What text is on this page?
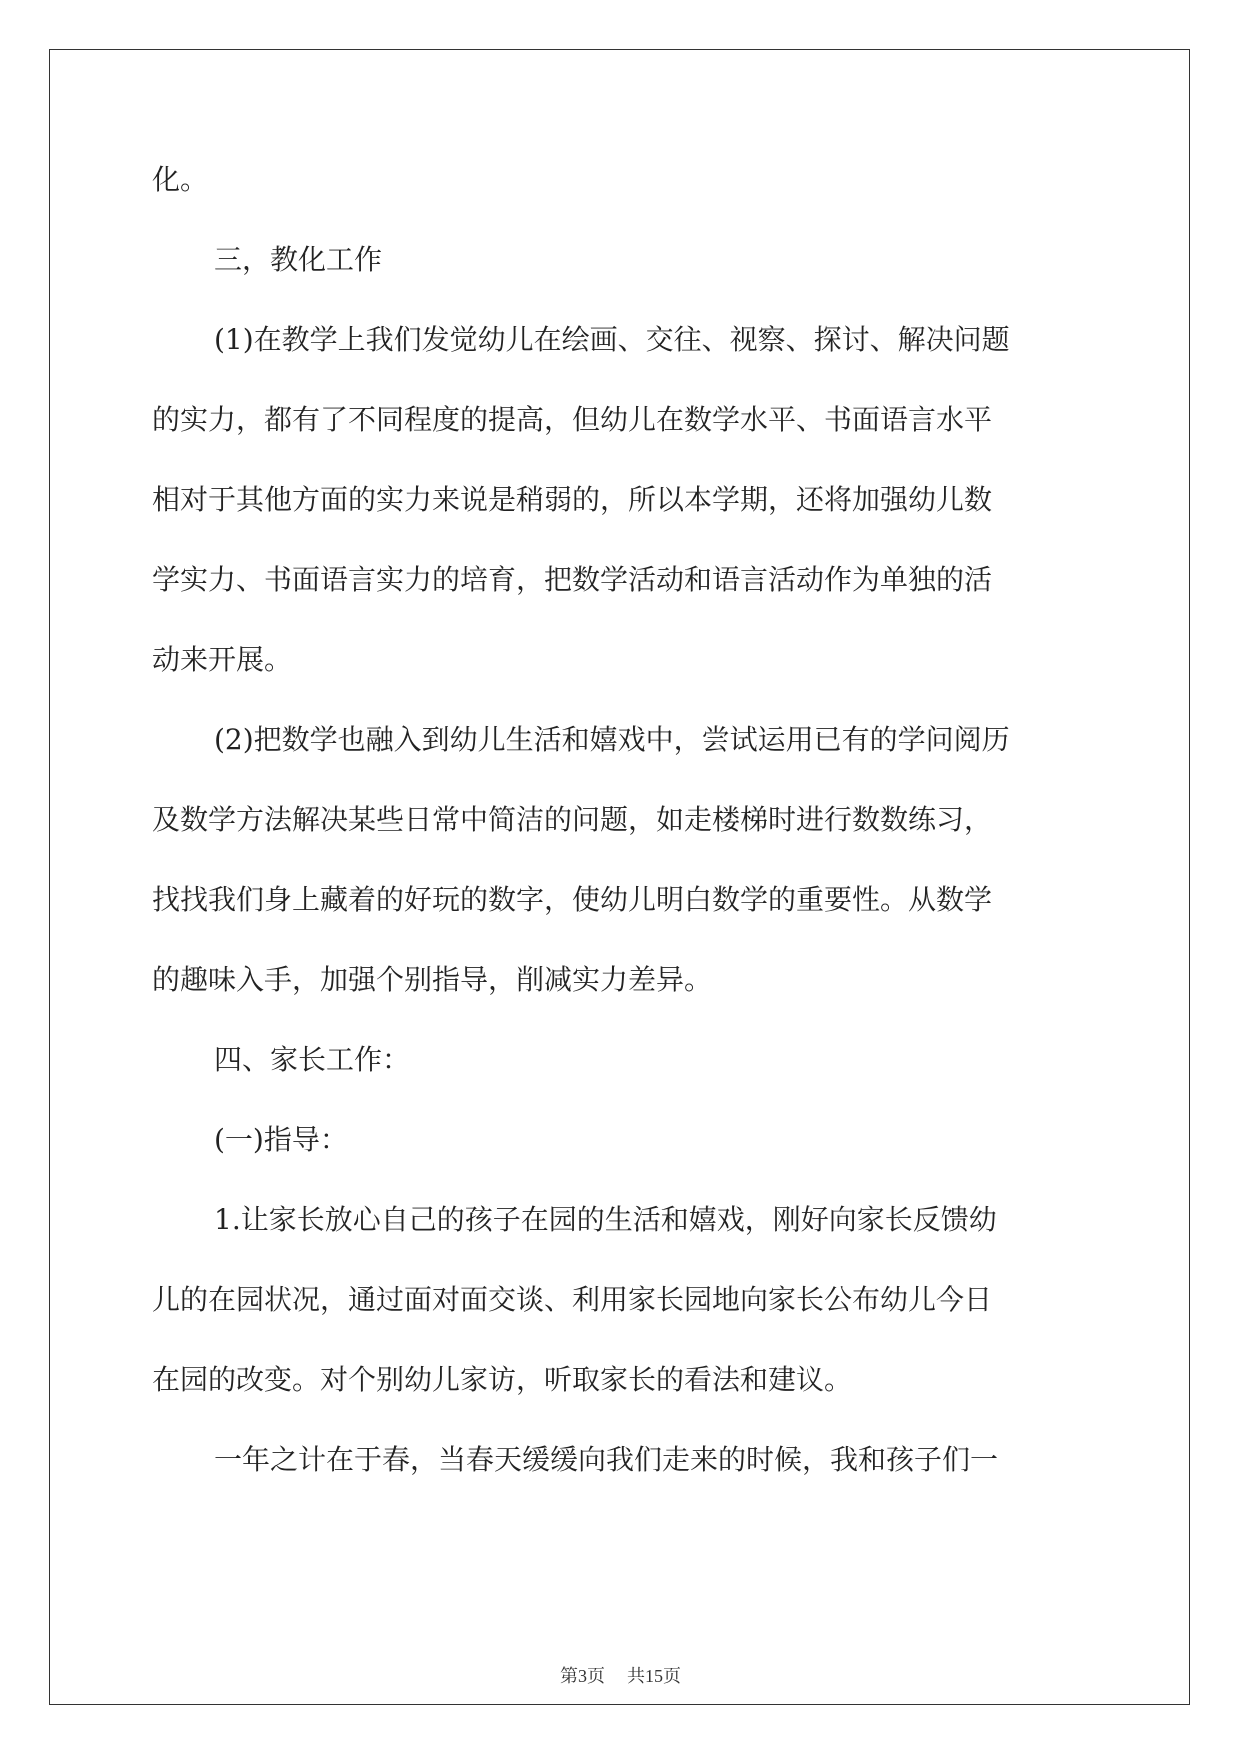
化。
三，教化工作
(1)在教学上我们发觉幼儿在绘画、交往、视察、探讨、解决问题
的实力，都有了不同程度的提高，但幼儿在数学水平、书面语言水平
相对于其他方面的实力来说是稍弱的，所以本学期，还将加强幼儿数
学实力、书面语言实力的培育，把数学活动和语言活动作为单独的活
动来开展。
(2)把数学也融入到幼儿生活和嬉戏中，尝试运用已有的学问阅历
及数学方法解决某些日常中简洁的问题，如走楼梯时进行数数练习，
找找我们身上藏着的好玩的数字，使幼儿明白数学的重要性。从数学
的趣味入手，加强个别指导，削减实力差异。
四、家长工作：
(一)指导：
1.让家长放心自己的孩子在园的生活和嬉戏，刚好向家长反馈幼
儿的在园状况，通过面对面交谈、利用家长园地向家长公布幼儿今日
在园的改变。对个别幼儿家访，听取家长的看法和建议。
一年之计在于春，当春天缓缓向我们走来的时候，我和孩子们一
第3页 共15页
